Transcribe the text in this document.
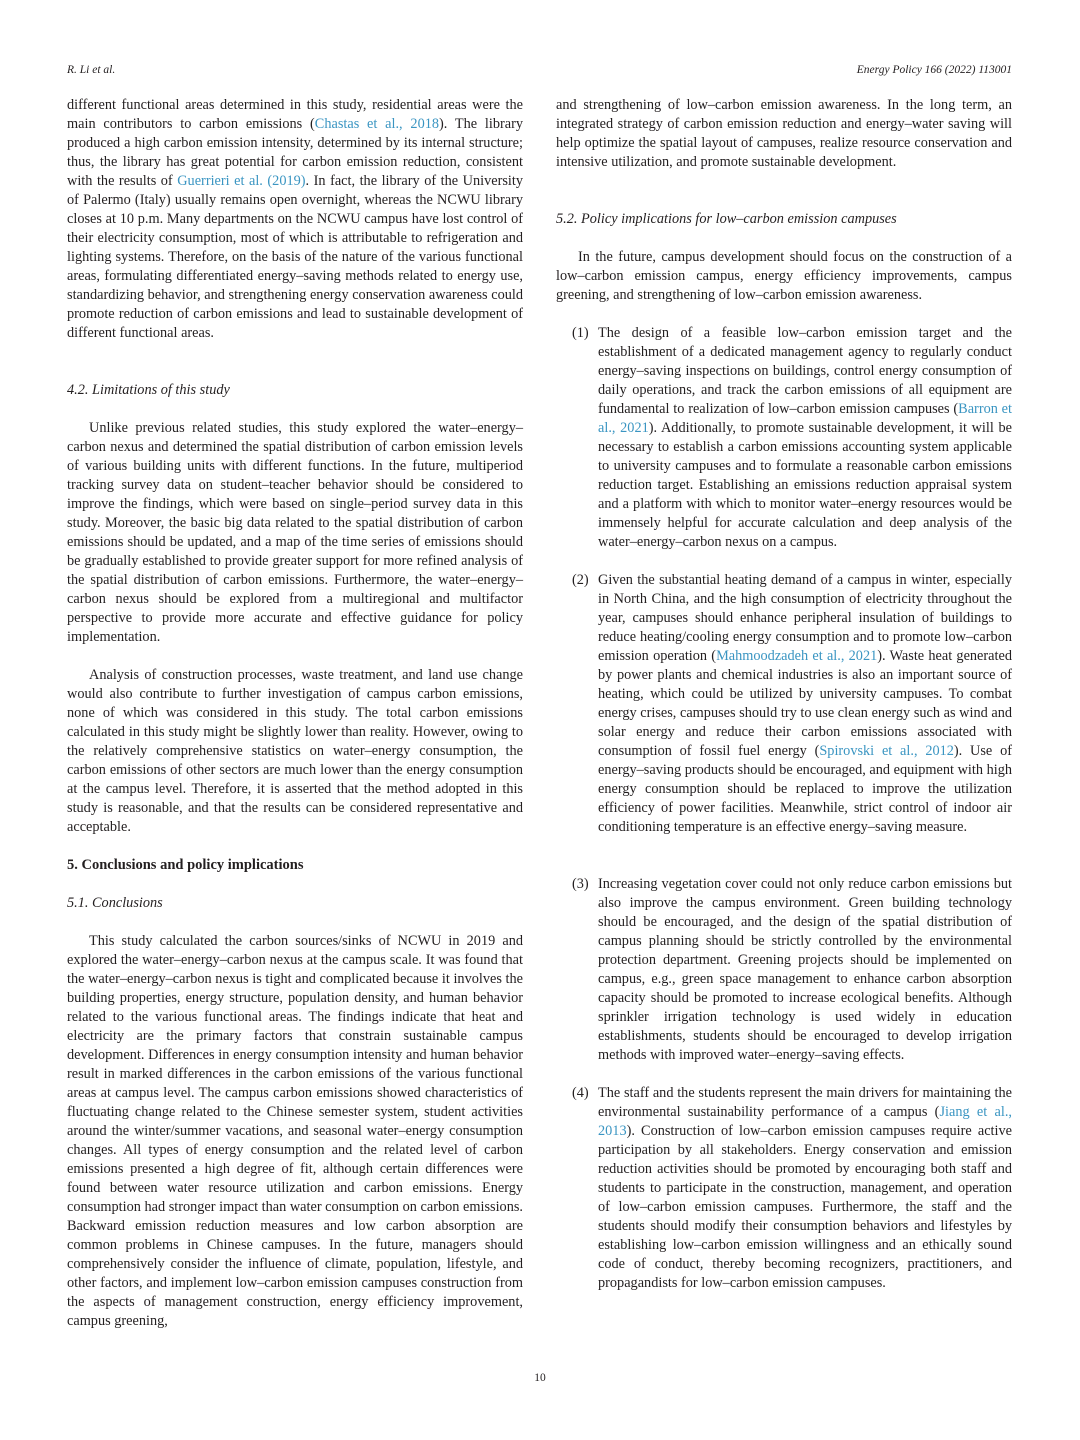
R. Li et al.	Energy Policy 166 (2022) 113001
different functional areas determined in this study, residential areas were the main contributors to carbon emissions (Chastas et al., 2018). The library produced a high carbon emission intensity, determined by its internal structure; thus, the library has great potential for carbon emission reduction, consistent with the results of Guerrieri et al. (2019). In fact, the library of the University of Palermo (Italy) usually remains open overnight, whereas the NCWU library closes at 10 p.m. Many departments on the NCWU campus have lost control of their electricity consumption, most of which is attributable to refrigeration and lighting systems. Therefore, on the basis of the nature of the various functional areas, formulating differentiated energy–saving methods related to energy use, standardizing behavior, and strengthening energy conservation awareness could promote reduction of carbon emissions and lead to sustainable development of different functional areas.
4.2. Limitations of this study
Unlike previous related studies, this study explored the water–energy–carbon nexus and determined the spatial distribution of carbon emission levels of various building units with different functions. In the future, multiperiod tracking survey data on student–teacher behavior should be considered to improve the findings, which were based on single–period survey data in this study. Moreover, the basic big data related to the spatial distribution of carbon emissions should be updated, and a map of the time series of emissions should be gradually established to provide greater support for more refined analysis of the spatial distribution of carbon emissions. Furthermore, the water–energy–carbon nexus should be explored from a multiregional and multifactor perspective to provide more accurate and effective guidance for policy implementation.
Analysis of construction processes, waste treatment, and land use change would also contribute to further investigation of campus carbon emissions, none of which was considered in this study. The total carbon emissions calculated in this study might be slightly lower than reality. However, owing to the relatively comprehensive statistics on water–energy consumption, the carbon emissions of other sectors are much lower than the energy consumption at the campus level. Therefore, it is asserted that the method adopted in this study is reasonable, and that the results can be considered representative and acceptable.
5. Conclusions and policy implications
5.1. Conclusions
This study calculated the carbon sources/sinks of NCWU in 2019 and explored the water–energy–carbon nexus at the campus scale. It was found that the water–energy–carbon nexus is tight and complicated because it involves the building properties, energy structure, population density, and human behavior related to the various functional areas. The findings indicate that heat and electricity are the primary factors that constrain sustainable campus development. Differences in energy consumption intensity and human behavior result in marked differences in the carbon emissions of the various functional areas at campus level. The campus carbon emissions showed characteristics of fluctuating change related to the Chinese semester system, student activities around the winter/summer vacations, and seasonal water–energy consumption changes. All types of energy consumption and the related level of carbon emissions presented a high degree of fit, although certain differences were found between water resource utilization and carbon emissions. Energy consumption had stronger impact than water consumption on carbon emissions. Backward emission reduction measures and low carbon absorption are common problems in Chinese campuses. In the future, managers should comprehensively consider the influence of climate, population, lifestyle, and other factors, and implement low–carbon emission campuses construction from the aspects of management construction, energy efficiency improvement, campus greening,
and strengthening of low–carbon emission awareness. In the long term, an integrated strategy of carbon emission reduction and energy–water saving will help optimize the spatial layout of campuses, realize resource conservation and intensive utilization, and promote sustainable development.
5.2. Policy implications for low–carbon emission campuses
In the future, campus development should focus on the construction of a low–carbon emission campus, energy efficiency improvements, campus greening, and strengthening of low–carbon emission awareness.
(1) The design of a feasible low–carbon emission target and the establishment of a dedicated management agency to regularly conduct energy–saving inspections on buildings, control energy consumption of daily operations, and track the carbon emissions of all equipment are fundamental to realization of low–carbon emission campuses (Barron et al., 2021). Additionally, to promote sustainable development, it will be necessary to establish a carbon emissions accounting system applicable to university campuses and to formulate a reasonable carbon emissions reduction target. Establishing an emissions reduction appraisal system and a platform with which to monitor water–energy resources would be immensely helpful for accurate calculation and deep analysis of the water–energy–carbon nexus on a campus.
(2) Given the substantial heating demand of a campus in winter, especially in North China, and the high consumption of electricity throughout the year, campuses should enhance peripheral insulation of buildings to reduce heating/cooling energy consumption and to promote low–carbon emission operation (Mahmoodzadeh et al., 2021). Waste heat generated by power plants and chemical industries is also an important source of heating, which could be utilized by university campuses. To combat energy crises, campuses should try to use clean energy such as wind and solar energy and reduce their carbon emissions associated with consumption of fossil fuel energy (Spirovski et al., 2012). Use of energy–saving products should be encouraged, and equipment with high energy consumption should be replaced to improve the utilization efficiency of power facilities. Meanwhile, strict control of indoor air conditioning temperature is an effective energy–saving measure.
(3) Increasing vegetation cover could not only reduce carbon emissions but also improve the campus environment. Green building technology should be encouraged, and the design of the spatial distribution of campus planning should be strictly controlled by the environmental protection department. Greening projects should be implemented on campus, e.g., green space management to enhance carbon absorption capacity should be promoted to increase ecological benefits. Although sprinkler irrigation technology is used widely in education establishments, students should be encouraged to develop irrigation methods with improved water–energy–saving effects.
(4) The staff and the students represent the main drivers for maintaining the environmental sustainability performance of a campus (Jiang et al., 2013). Construction of low–carbon emission campuses require active participation by all stakeholders. Energy conservation and emission reduction activities should be promoted by encouraging both staff and students to participate in the construction, management, and operation of low–carbon emission campuses. Furthermore, the staff and the students should modify their consumption behaviors and lifestyles by establishing low–carbon emission willingness and an ethically sound code of conduct, thereby becoming recognizers, practitioners, and propagandists for low–carbon emission campuses.
10
